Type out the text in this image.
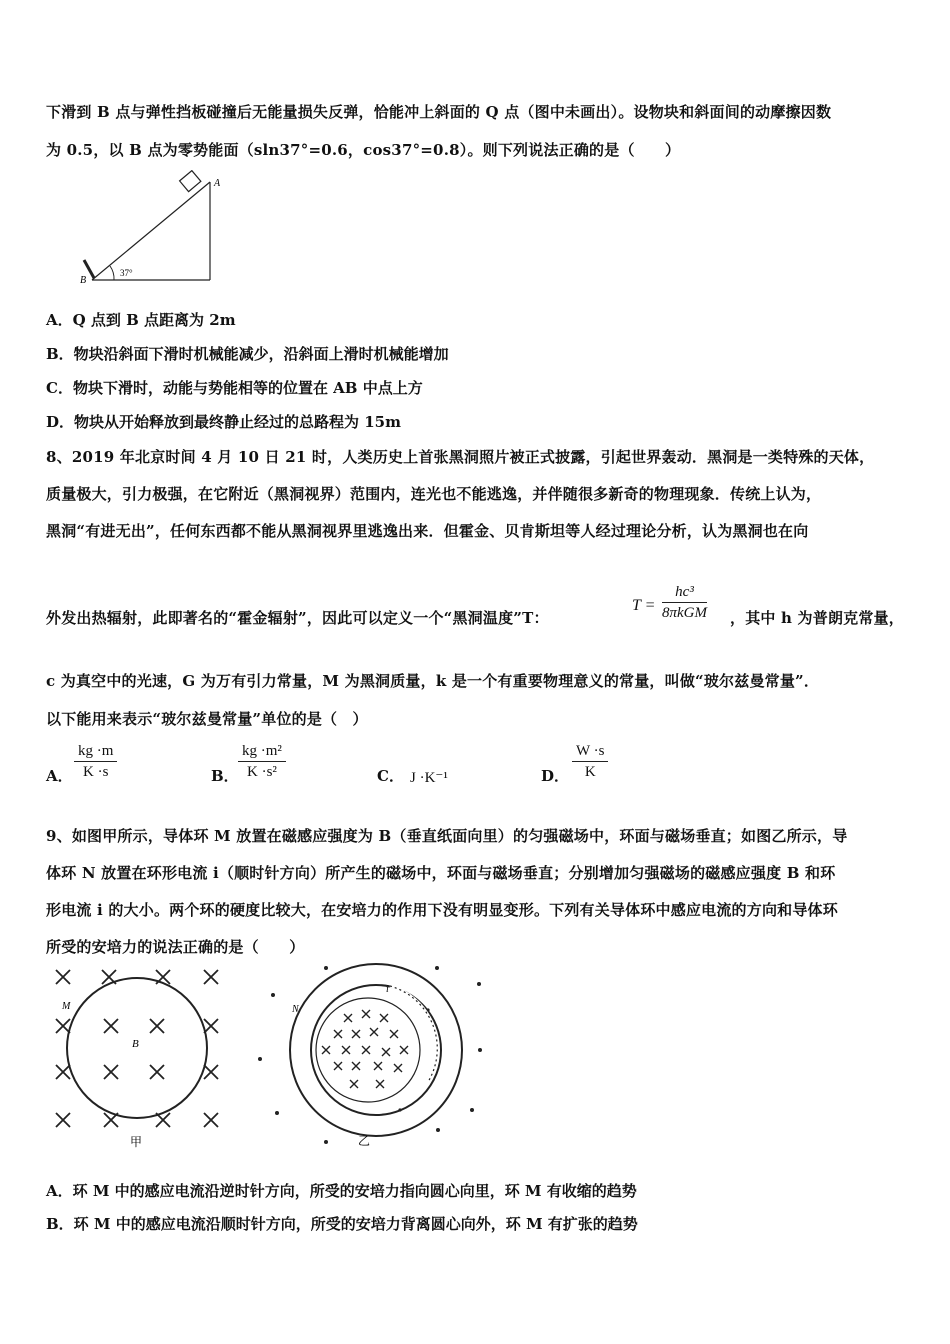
下滑到 B 点与弹性挡板碰撞后无能量损失反弹，恰能冲上斜面的 Q 点（图中未画出）。设物块和斜面间的动摩擦因数
为 0.5，以 B 点为零势能面（sln37°=0.6，cos37°=0.8）。则下列说法正确的是（　　）
A
B
37°
A．Q 点到 B 点距离为 2m
B．物块沿斜面下滑时机械能减少，沿斜面上滑时机械能增加
C．物块下滑时，动能与势能相等的位置在 AB 中点上方
D．物块从开始释放到最终静止经过的总路程为 15m
8、2019 年北京时间 4 月 10 日 21 时，人类历史上首张黑洞照片被正式披露，引起世界轰动．黑洞是一类特殊的天体，
质量极大，引力极强，在它附近（黑洞视界）范围内，连光也不能逃逸，并伴随很多新奇的物理现象．传统上认为，
黑洞“有进无出”，任何东西都不能从黑洞视界里逃逸出来．但霍金、贝肯斯坦等人经过理论分析，认为黑洞也在向
外发出热辐射，此即著名的“霍金辐射”，因此可以定义一个“黑洞温度”T：
T =
hc³
8πkGM ，其中 h 为普朗克常量，
c 为真空中的光速，G 为万有引力常量，M 为黑洞质量，k 是一个有重要物理意义的常量，叫做“玻尔兹曼常量”．
以下能用来表示“玻尔兹曼常量”单位的是（　）
A． $\frac{kg \cdot m}{K \cdot s}$	B． $\frac{\text{kg ·m²}}{\text{K ·s²}}$	C． J ·K⁻¹	D． $\frac{W \cdot s}{K}$
9、如图甲所示，导体环 M 放置在磁感应强度为 B（垂直纸面向里）的匀强磁场中，环面与磁场垂直；如图乙所示，导
体环 N 放置在环形电流 i（顺时针方向）所产生的磁场中，环面与磁场垂直；分别增加匀强磁场的磁感应强度 B 和环
形电流 i 的大小。两个环的硬度比较大，在安培力的作用下没有明显变形。下列有关导体环中感应电流的方向和导体环
所受的安培力的说法正确的是（　　）
M
B
甲
N
i
乙
A．环 M 中的感应电流沿逆时针方向，所受的安培力指向圆心向里，环 M 有收缩的趋势
B．环 M 中的感应电流沿顺时针方向，所受的安培力背离圆心向外，环 M 有扩张的趋势
